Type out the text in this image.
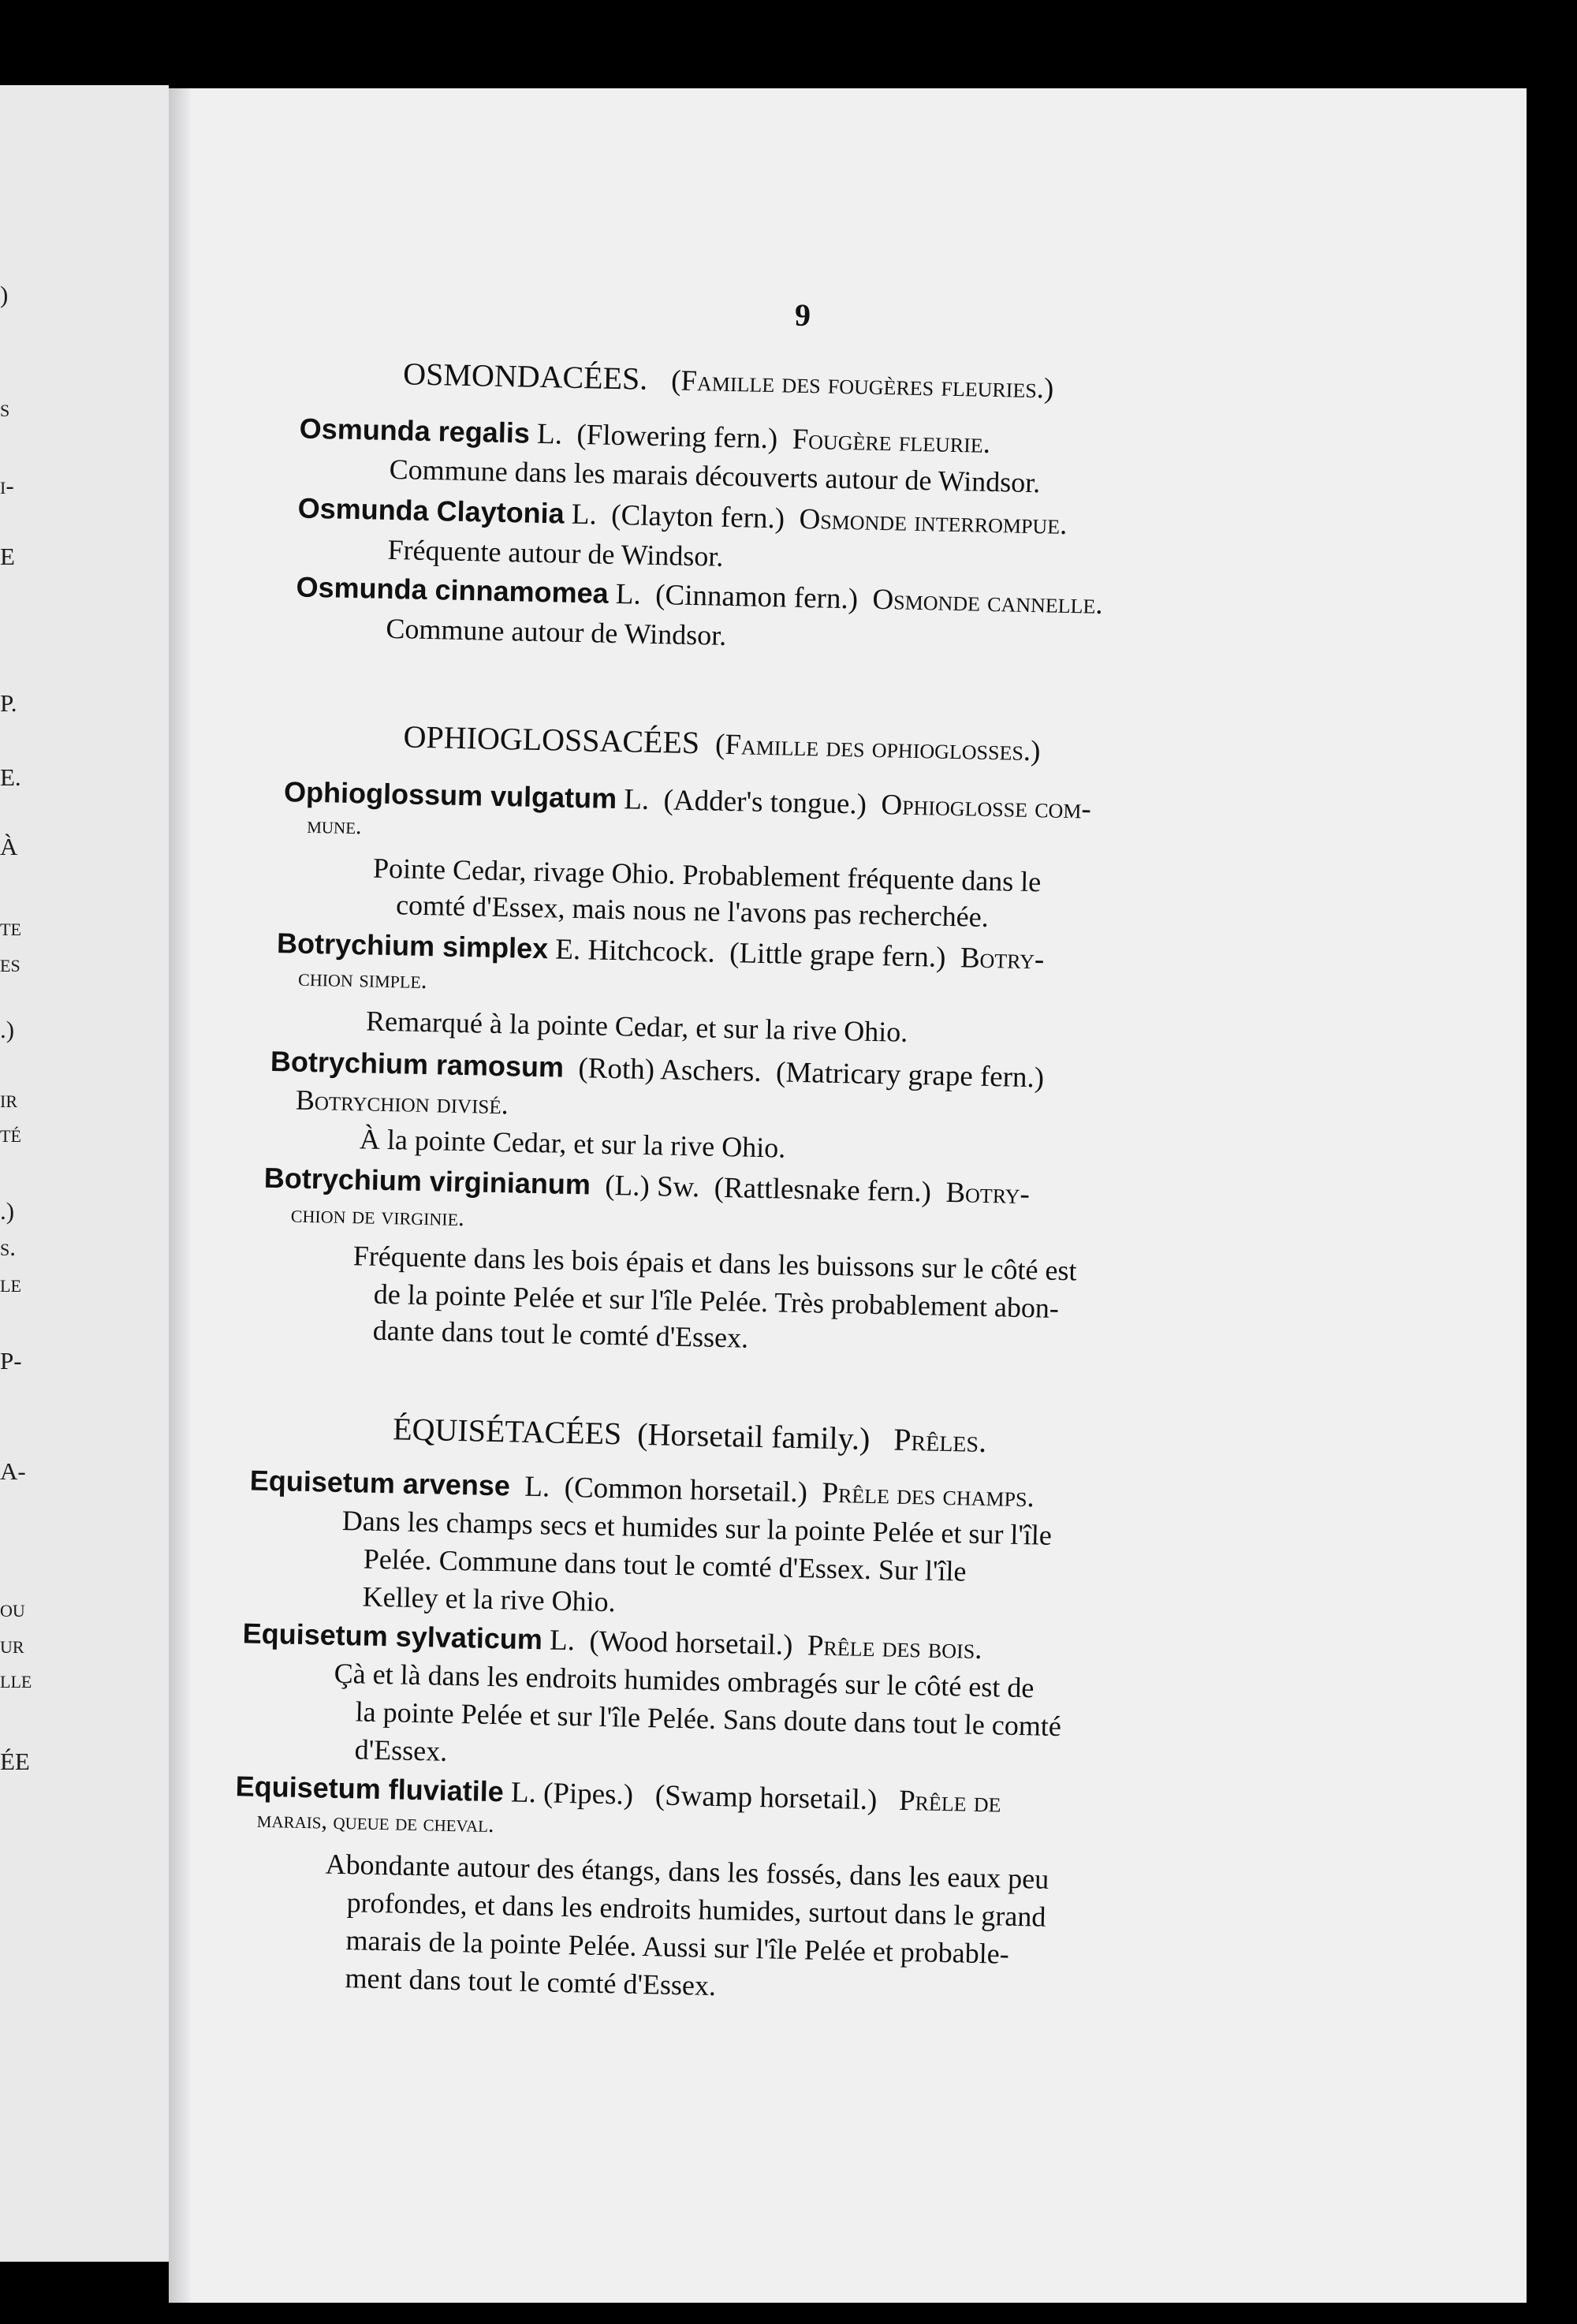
)
s
ı-
E
P.
E.
À
te
es
.)
ır
té
.)
s.
le
P-
A-
ou
ur
lle
ÉE
9
OSMONDACÉES. (Famille des fougères fleuries.)
Osmunda regalis L. (Flowering fern.) Fougère fleurie.
Commune dans les marais découverts autour de Windsor.
Osmunda Claytonia L. (Clayton fern.) Osmonde interrompue.
Fréquente autour de Windsor.
Osmunda cinnamomea L. (Cinnamon fern.) Osmonde cannelle.
Commune autour de Windsor.
OPHIOGLOSSACÉES (Famille des ophioglosses.)
Ophioglossum vulgatum L. (Adder's tongue.) Ophioglosse com-
mune.
Pointe Cedar, rivage Ohio. Probablement fréquente dans le
comté d'Essex, mais nous ne l'avons pas recherchée.
Botrychium simplex E. Hitchcock. (Little grape fern.) Botry-
chion simple.
Remarqué à la pointe Cedar, et sur la rive Ohio.
Botrychium ramosum (Roth) Aschers. (Matricary grape fern.)
Botrychion divisé.
À la pointe Cedar, et sur la rive Ohio.
Botrychium virginianum (L.) Sw. (Rattlesnake fern.) Botry-
chion de virginie.
Fréquente dans les bois épais et dans les buissons sur le côté est
de la pointe Pelée et sur l'île Pelée. Très probablement abon-
dante dans tout le comté d'Essex.
ÉQUISÉTACÉES (Horsetail family.) Prêles.
Equisetum arvense L. (Common horsetail.) Prêle des champs.
Dans les champs secs et humides sur la pointe Pelée et sur l'île
Pelée. Commune dans tout le comté d'Essex. Sur l'île
Kelley et la rive Ohio.
Equisetum sylvaticum L. (Wood horsetail.) Prêle des bois.
Çà et là dans les endroits humides ombragés sur le côté est de
la pointe Pelée et sur l'île Pelée. Sans doute dans tout le comté
d'Essex.
Equisetum fluviatile L. (Pipes.) (Swamp horsetail.) Prêle de
marais, queue de cheval.
Abondante autour des étangs, dans les fossés, dans les eaux peu
profondes, et dans les endroits humides, surtout dans le grand
marais de la pointe Pelée. Aussi sur l'île Pelée et probable-
ment dans tout le comté d'Essex.
